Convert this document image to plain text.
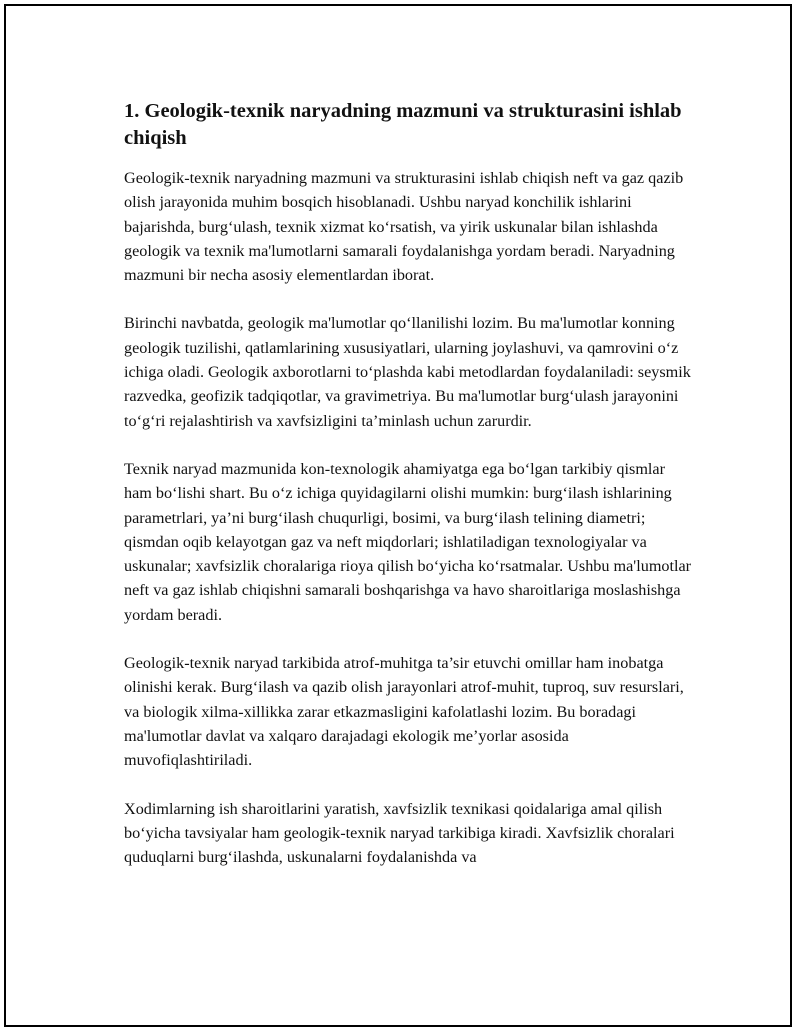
1. Geologik-texnik naryadning mazmuni va strukturasini ishlab chiqish

Geologik-texnik naryadning mazmuni va strukturasini ishlab chiqish neft va gaz qazib olish jarayonida muhim bosqich hisoblanadi. Ushbu naryad konchilik ishlarini bajarishda, burg‘ulash, texnik xizmat ko‘rsatish, va yirik uskunalar bilan ishlashda geologik va texnik ma'lumotlarni samarali foydalanishga yordam beradi. Naryadning mazmuni bir necha asosiy elementlardan iborat.

Birinchi navbatda, geologik ma'lumotlar qo‘llanilishi lozim. Bu ma'lumotlar konning geologik tuzilishi, qatlamlarining xususiyatlari, ularning joylashuvi, va qamrovini o‘z ichiga oladi. Geologik axborotlarni to‘plashda kabi metodlardan foydalaniladi: seysmik razvedka, geofizik tadqiqotlar, va gravimetriya. Bu ma'lumotlar burg‘ulash jarayonini to‘g‘ri rejalashtirish va xavfsizligini ta’minlash uchun zarurdir.

Texnik naryad mazmunida kon-texnologik ahamiyatga ega bo‘lgan tarkibiy qismlar ham bo‘lishi shart. Bu o‘z ichiga quyidagilarni olishi mumkin: burg‘ilash ishlarining parametrlari, ya’ni burg‘ilash chuqurligi, bosimi, va burg‘ilash telining diametri; qismdan oqib kelayotgan gaz va neft miqdorlari; ishlatiladigan texnologiyalar va uskunalar; xavfsizlik choralariga rioya qilish bo‘yicha ko‘rsatmalar. Ushbu ma'lumotlar neft va gaz ishlab chiqishni samarali boshqarishga va havo sharoitlariga moslashishga yordam beradi.

Geologik-texnik naryad tarkibida atrof-muhitga ta’sir etuvchi omillar ham inobatga olinishi kerak. Burg‘ilash va qazib olish jarayonlari atrof-muhit, tuproq, suv resurslari, va biologik xilma-xillikka zarar etkazmasligini kafolatlashi lozim. Bu boradagi ma'lumotlar davlat va xalqaro darajadagi ekologik me’yorlar asosida muvofiqlashtiriladi.

Xodimlarning ish sharoitlarini yaratish, xavfsizlik texnikasi qoidalariga amal qilish bo‘yicha tavsiyalar ham geologik-texnik naryad tarkibiga kiradi. Xavfsizlik choralari quduqlarni burg‘ilashda, uskunalarni foydalanishda va
